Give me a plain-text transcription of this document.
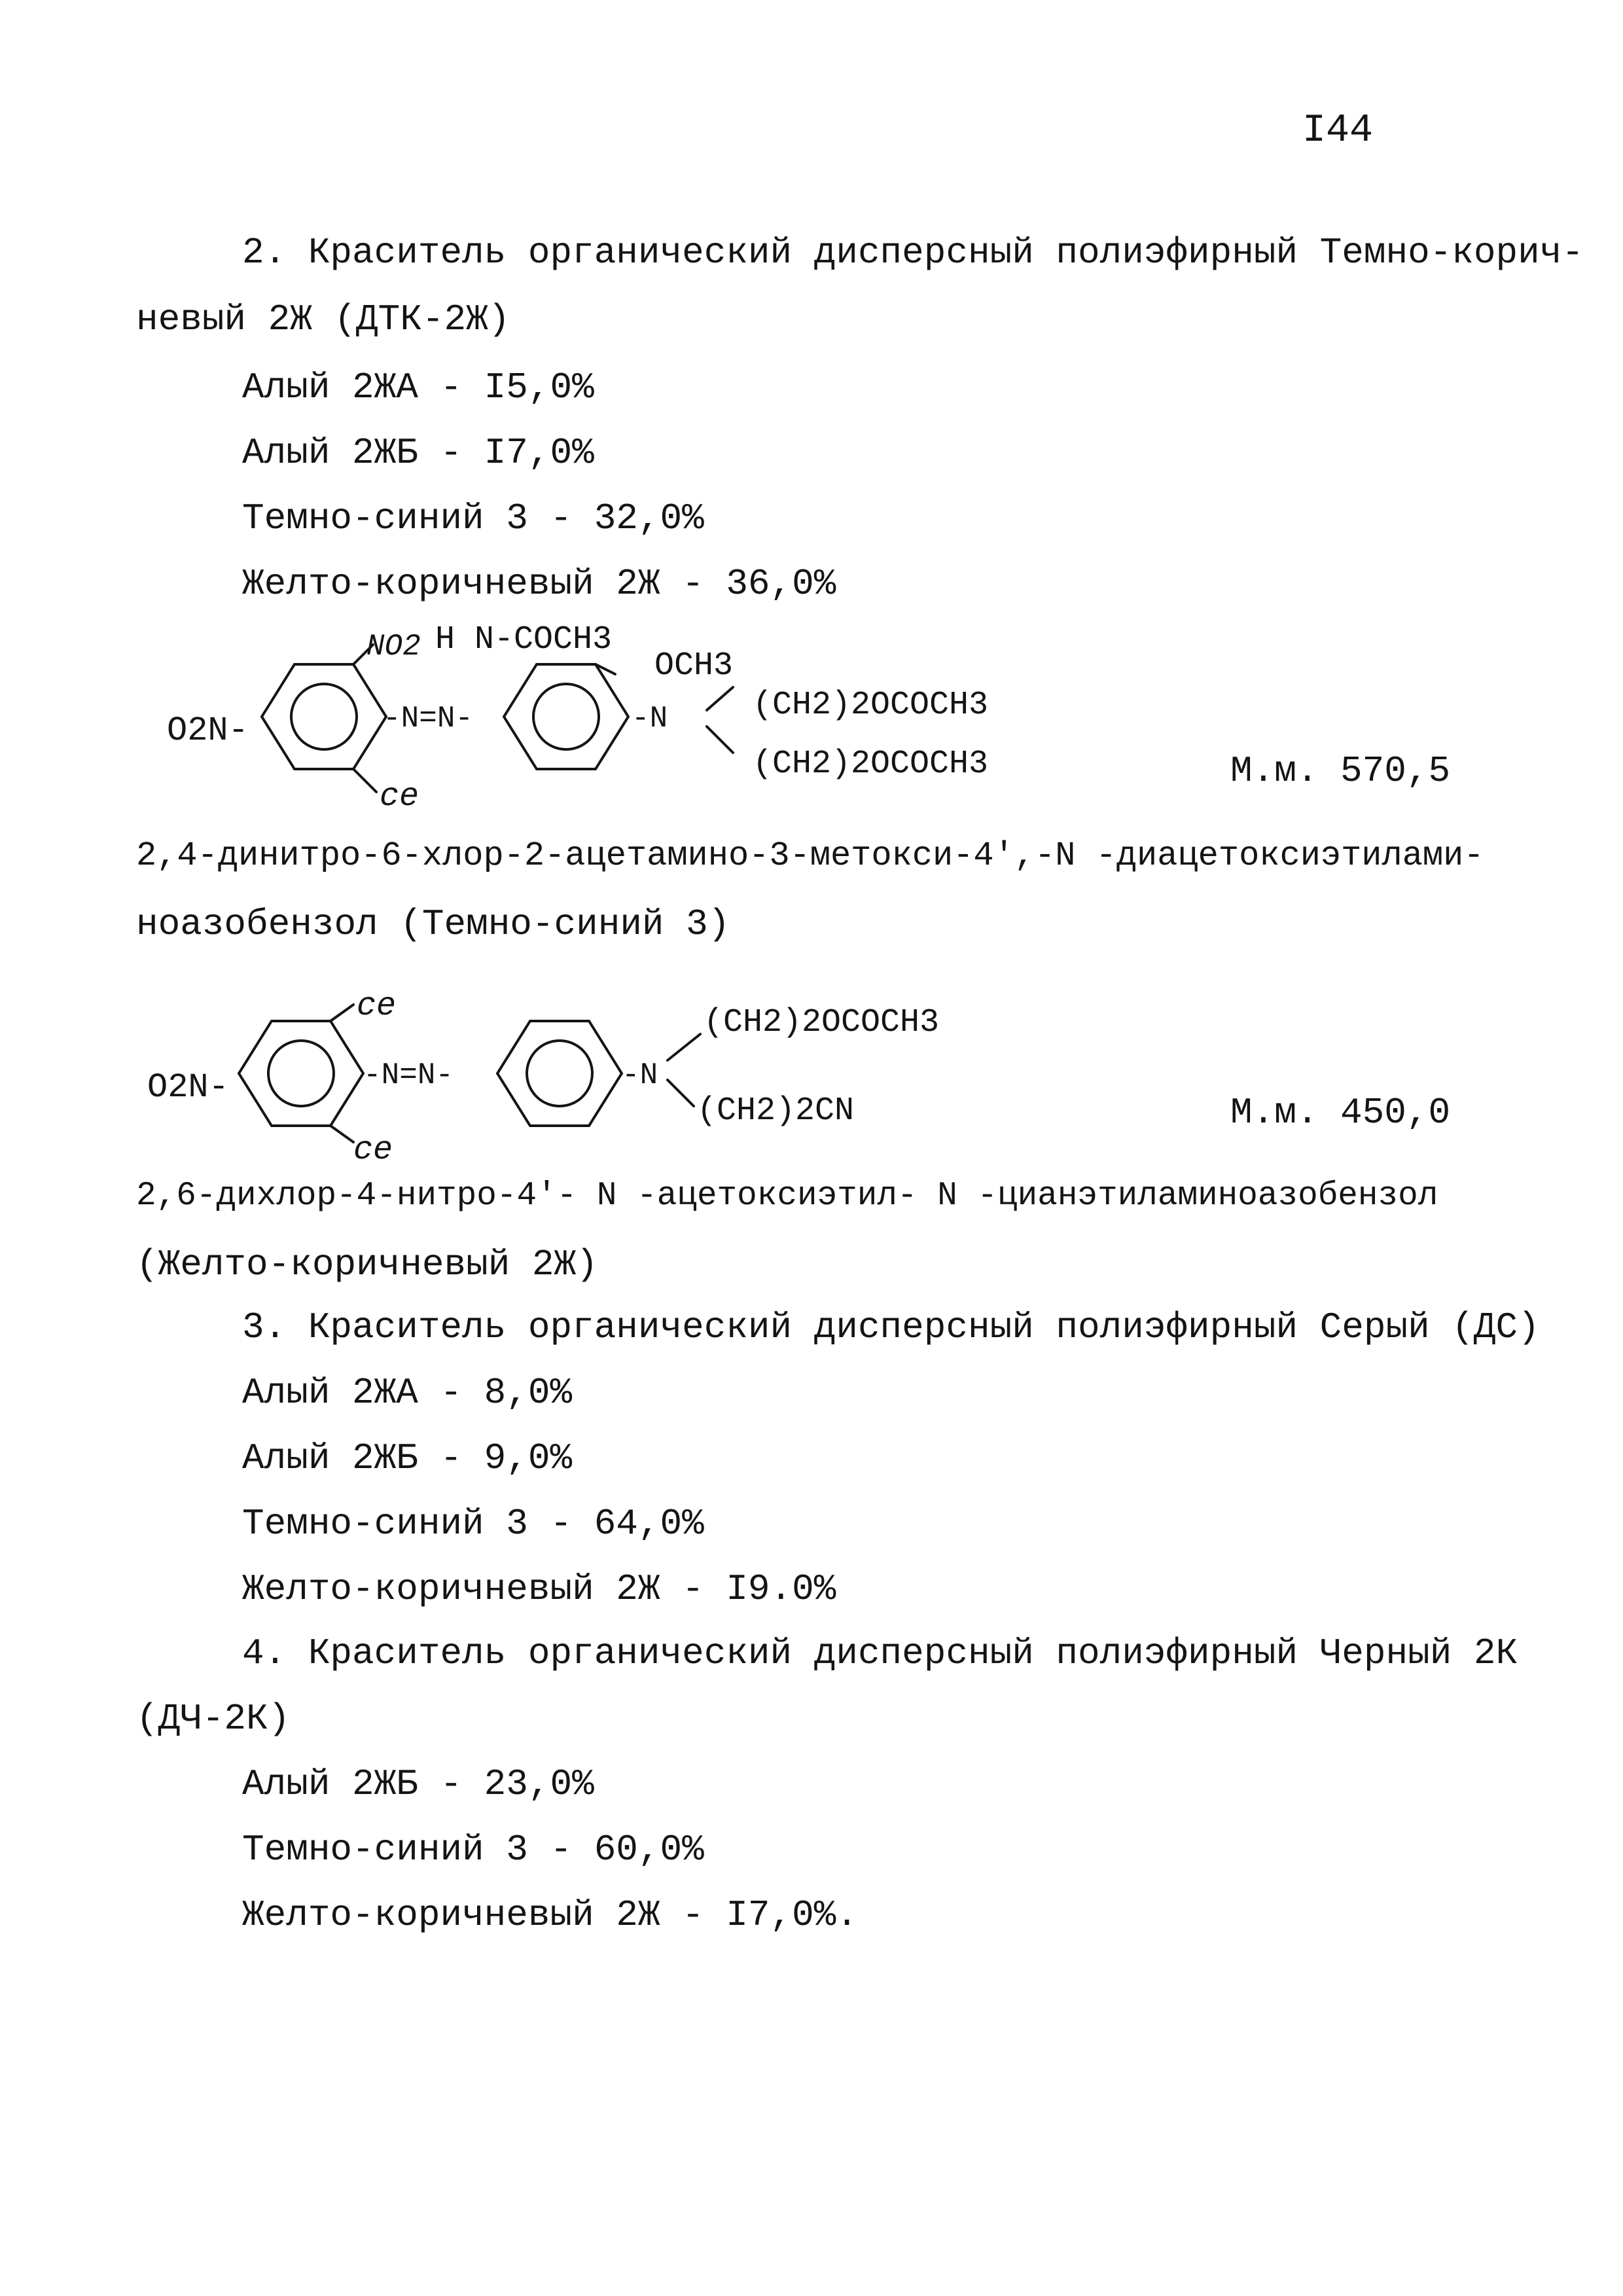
I44
2. Краситель органический дисперсный полиэфирный Темно-корич-
невый 2Ж (ДТК-2Ж)
Алый 2ЖА - I5,0%
Алый 2ЖБ - I7,0%
Темно-синий 3 - 32,0%
Желто-коричневый 2Ж - 36,0%
O2N-
NO2 H N-COCH3
OCH3
-N=N-	-N	(CH2)2OCOCH3
(CH2)2OCOCH3
ce
М.м. 570,5
2,4-динитро-6-хлор-2-ацетамино-3-метокси-4',-N -диацетоксиэтилами-
ноазобензол (Темно-синий 3)
O2N-
ce
ce
-N=N-	-N
(CH2)2OCOCH3
(CH2)2CN	М.м. 450,0
2,6-дихлор-4-нитро-4'- N -ацетоксиэтил- N -цианэтиламиноазобензол
(Желто-коричневый 2Ж)
3. Краситель органический дисперсный полиэфирный Серый (ДС)
Алый 2ЖА - 8,0%
Алый 2ЖБ - 9,0%
Темно-синий 3 - 64,0%
Желто-коричневый 2Ж - I9.0%
4. Краситель органический дисперсный полиэфирный Черный 2К
(ДЧ-2К)
Алый 2ЖБ - 23,0%
Темно-синий 3 - 60,0%
Желто-коричневый 2Ж - I7,0%.
